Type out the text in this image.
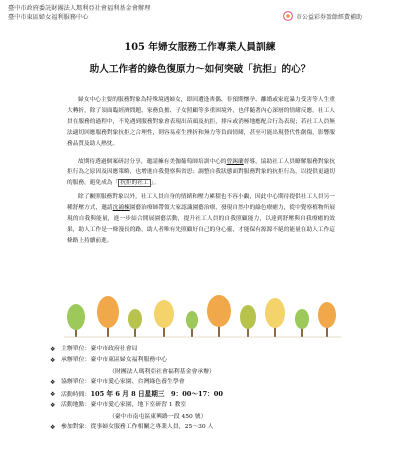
臺中市政府委託財團法人瑪利亞社會福利基金會辦理
臺中市東區婦女福利服務中心	市公益彩券盈餘經費補助
105 年婦女服務工作專業人員訓練
助人工作者的綠色復原力～如何突破「抗拒」的心？

婦女中心主要的服務對象為特殊境遇婦女，即因遭逢喪偶、非預期懷孕、離婚或家庭暴力受害等人生重大轉折，除了須面臨經濟問題、家務負擔、子女照顧等多重困境外，也伴隨著內心深層的情緒反應。社工人員在服務的過程中，不免遇到服務對象會表現出苗頭及抗拒，排斥或消極地應配合行為表現；若社工人員無法適切回應服務對象抗拒之合理性，則容易產生挫折和無力等負面情緒，甚至可能出現替代性創傷，影響服務品質及助人熱忱。

故期待透過個案研討分享，邀請擁有美伽葡萄師培訓中心的曾錫蘭督導，協助社工人員瞭解服務對象抗拒行為之原因及因應策略，也增進自我覺察與省思；調整自我狀態面對服務對象的抗拒行為，以提供更適切的服務，避免成為「 抗拒的社工 」。

除了關照服務對象以外，社工人員自身的情緒和壓力累積也不容小覷，因此中心期待提供社工人員另一種舒壓方式，邀請沈鴻棟園藝治療師帶領大家認識園藝治療，發現自然中的綠色療癒力，從中覺察植物所展現的自我與能量，進一步結合開展園藝活動，提升社工人員的自我照顧能力，以達到舒壓與自我療癒的效果，助人工作是一條漫長的路，助人者唯有先照顧好自己的身心靈，才能保有源源不絕的能量在助人工作這條路上持續前進。

❖ 主辦單位：臺中市政府社會局
❖ 承辦單位：臺中市東區婦女福利服務中心
（財團法人瑪利亞社會福利基金會承辦）
❖ 協辦單位：臺中市愛心家園、台灣綠色養生學會
❖ 活動時間：105 年 6 月 8 日星期三　9：00～17：00
❖ 活動地點：臺中市愛心家園，地下室研習 1 教室
（臺中市南屯區東興路一段 450 號）
❖ 參加對象：從事婦女服務工作相關之專業人員，25～30 人
